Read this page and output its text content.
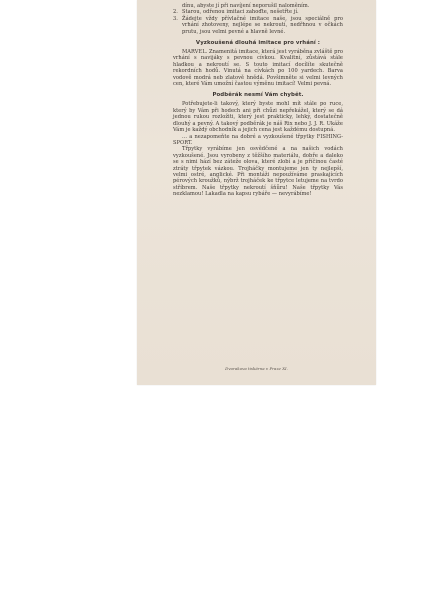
dínu, abyste jí při navíjení neporušil naloměním.

2. Starou, odřenou imitaci zahoďte, nešetřte jí.

3. Žádejte vždy přívlačné imitace naše, jsou speciálně pro vrhání zhotoveny, nejlépe se nekroutí, nedřhnou v očkách prutu, jsou velmi pevné a hlavně levné.

Vyzkoušená dlouhá imitace pro vrhání :

MARVEL. Znamenitá imitace, která jest vyráběna zvláště pro vrhání s navijáky s pevnou cívkou. Kvalitní, zůstává stále hladkou a nekroutí se. S touto imitací docílíte skutečně rekordních hodů. Vinutá na cívkách po 100 yardech. Barva vodově modrá neb zlatově hnědá. Povšimněte si velmi levných cen, které Vám umožní častou výměnu imitací! Velmi pevná.

Podběrák nesmí Vám chybět.

Potřebujete-li takový, který byste mohl mít stále po ruce, který by Vám při hodech ani při chůzi nepřekážel, který se dá jednou rukou rozložiti, který jest prakticky, lehký, dostatečně dlouhý a pevný. A takový podběrák je náš Rix nebo J. J. R. Ukáže Vám je každý obchodník a jejich cena jest každému dostupná.

... a nezapomeňte na dobré a vyzkoušené třpytky FISHING-SPORT.

Třpytky vyrábíme jen osvědčené a na našich vodách vyzkoušené. Jsou vyrobeny z těžšího materiálu, dobře a daleko se s nimi hází bez záteže olova, které zlobí a je příčinou časté ztráty třpytek vázkou. Trojháčky montujeme jen ty nejlepší, velmi ostré, anglické. Při montáži nepoužíváme praskajících pérových kroužků, nýbrž trojháček ke třpytce letujeme na tvrdo stříbrem. Naše třpytky nekroutí šňůru! Naše třpytky Vás nezklamou! Lakadla na kapsu rybáře — nevyrábíme!

Dvorakova tiskárna v Praze XI.
